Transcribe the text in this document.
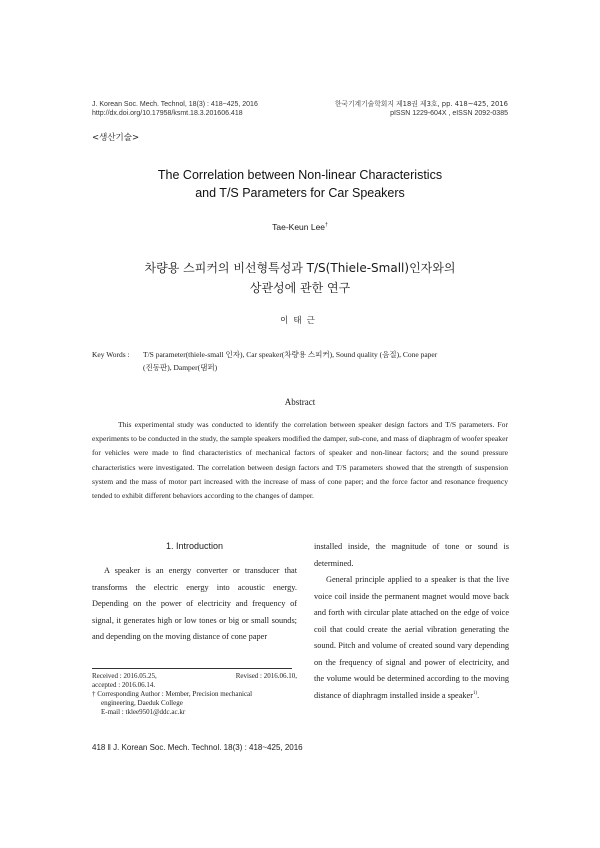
J. Korean Soc. Mech. Technol, 18(3) : 418~425, 2016
http://dx.doi.org/10.17958/ksmt.18.3.201606.418
한국기계기술학회지 제18권 제3호, pp. 418~425, 2016
pISSN 1229-604X , eISSN 2092-0385
<생산기술>
The Correlation between Non-linear Characteristics
and T/S Parameters for Car Speakers
Tae-Keun Lee†
차량용 스피커의 비선형특성과 T/S(Thiele-Small)인자와의
상관성에 관한 연구
이태근
Key Words : T/S parameter(thiele-small 인자), Car speaker(차량용 스피커), Sound quality (음질), Cone paper
(진동판), Damper(댐퍼)
Abstract
This experimental study was conducted to identify the correlation between speaker design factors and T/S parameters. For experiments to be conducted in the study, the sample speakers modified the damper, sub-cone, and mass of diaphragm of woofer speaker for vehicles were made to find characteristics of mechanical factors of speaker and non-linear factors; and the sound pressure characteristics were investigated. The correlation between design factors and T/S parameters showed that the strength of suspension system and the mass of motor part increased with the increase of mass of cone paper; and the force factor and resonance frequency tended to exhibit different behaviors according to the changes of damper.
1. Introduction

A speaker is an energy converter or transducer that transforms the electric energy into acoustic energy. Depending on the power of electricity and frequency of signal, it generates high or low tones or big or small sounds; and depending on the moving distance of cone paper

installed inside, the magnitude of tone or sound is determined.

General principle applied to a speaker is that the live voice coil inside the permanent magnet would move back and forth with circular plate attached on the edge of voice coil that could create the aerial vibration generating the sound. Pitch and volume of created sound vary depending on the frequency of signal and power of electricity, and the volume would be determined according to the moving distance of diaphragm installed inside a speaker$^{1)}$.

Received : 2016.05.25,	Revised : 2016.06.10,
accepted : 2016.06.14.
† Corresponding Author : Member, Precision mechanical
engineering, Daeduk College
E-mail : tklee9501@ddc.ac.kr
418 ‖ J. Korean Soc. Mech. Technol. 18(3) : 418~425, 2016
